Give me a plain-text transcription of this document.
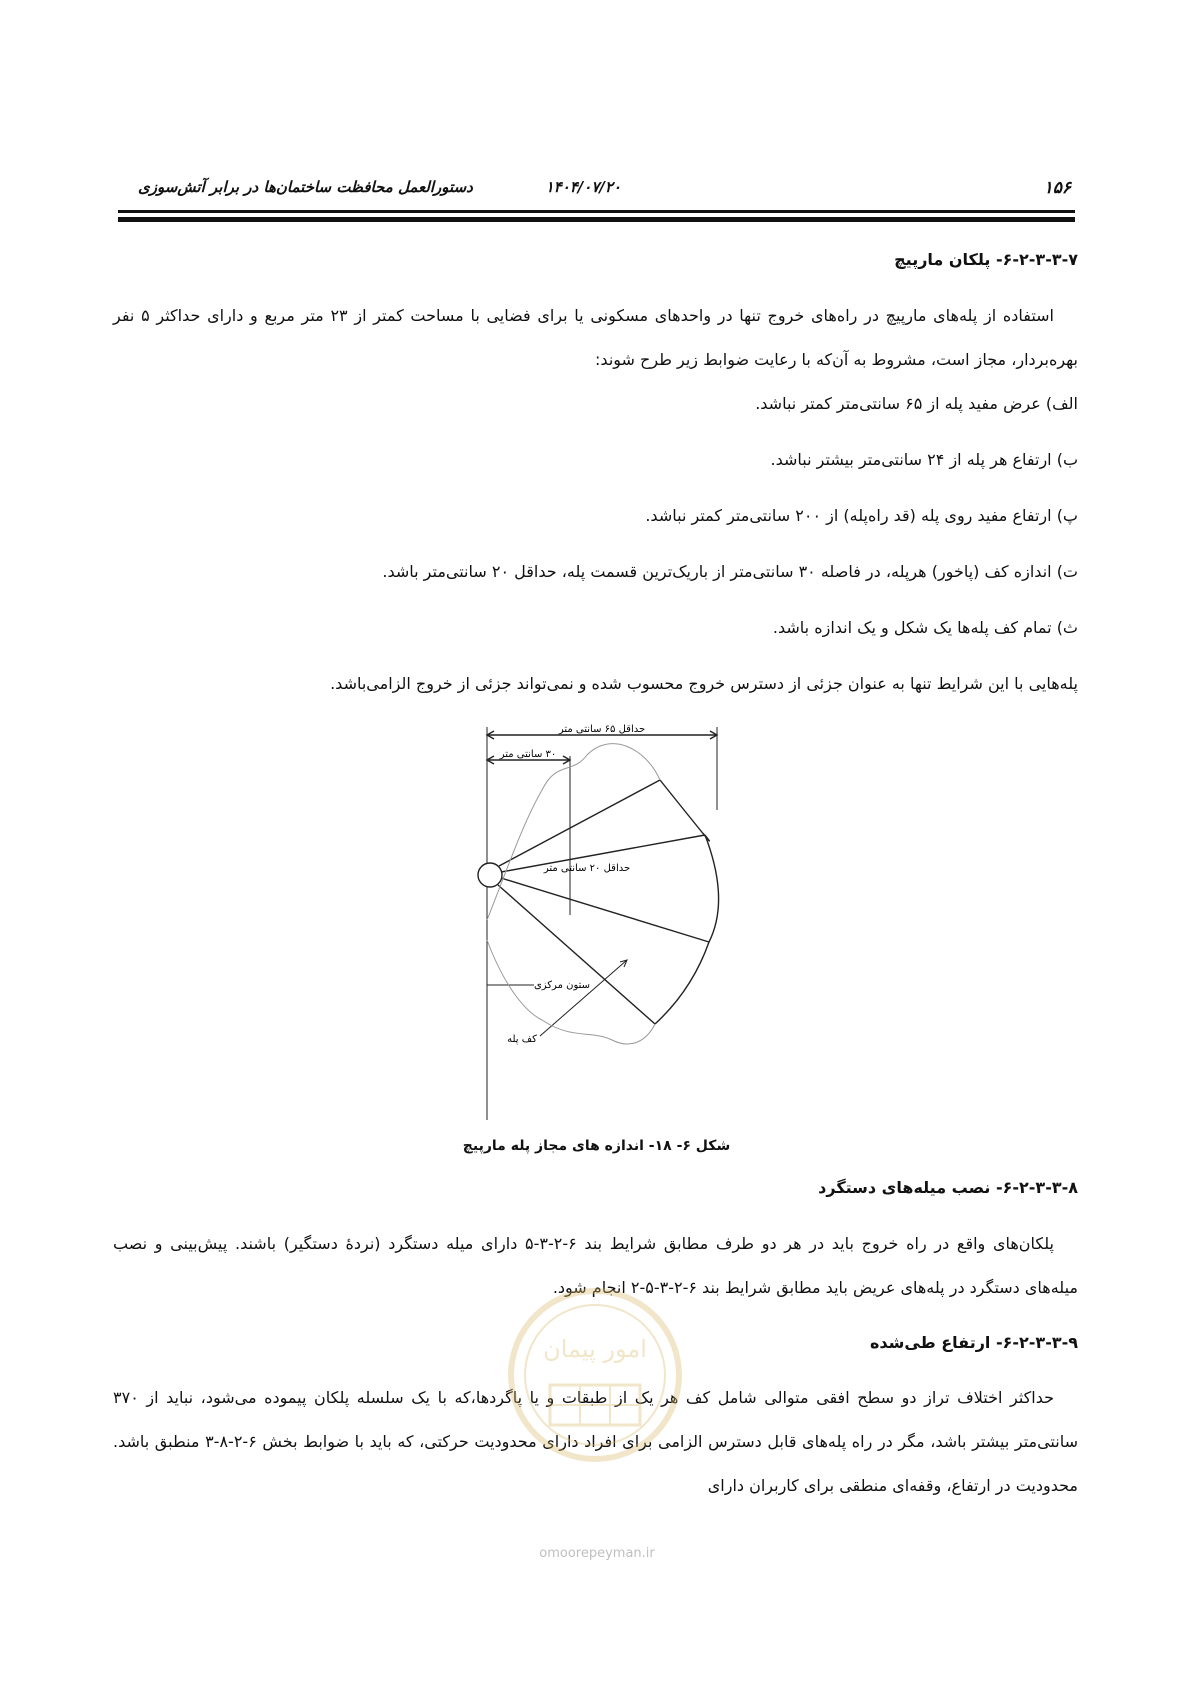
۱۵۶
۱۴۰۴/۰۷/۲۰
دستورالعمل محافظت ساختمان‌ها در برابر آتش‌سوزی
۶-۲-۳-۳-۷- پلکان مارپیچ
استفاده از پله‌های مارپیچ در راه‌های خروج تنها در واحدهای مسکونی یا برای فضایی با مساحت کمتر از ۲۳ متر مربع و دارای حداکثر ۵ نفر بهره‌بردار، مجاز است، مشروط به آن‌که با رعایت ضوابط زیر طرح شوند:
الف) عرض مفید پله از ۶۵ سانتی‌متر کمتر نباشد.
ب) ارتفاع هر پله از ۲۴ سانتی‌متر بیشتر نباشد.
پ) ارتفاع مفید روی پله (قد راه‌پله) از ۲۰۰ سانتی‌متر کمتر نباشد.
ت) اندازه کف (پاخور) هرپله، در فاصله ۳۰ سانتی‌متر از باریک‌ترین قسمت پله، حداقل ۲۰ سانتی‌متر باشد.
ث) تمام کف پله‌ها یک شکل و یک اندازه باشد.
پله‌هایی با این شرایط تنها به عنوان جزئی از دسترس خروج محسوب شده و نمی‌تواند جزئی از خروج الزامی‌باشد.
حداقل ۶۵ سانتی متر
۳۰ سانتی متر
حداقل ۲۰ سانتی متر
ستون مرکزی
کف پله
شکل ۶- ۱۸- اندازه های مجاز پله مارپیچ
۶-۲-۳-۳-۸- نصب میله‌های دستگرد
پلکان‌های واقع در راه خروج باید در هر دو طرف مطابق شرایط بند ۶-۲-۳-۵ دارای میله دستگرد (نردهٔ دستگیر) باشند. پیش‌بینی و نصب میله‌های دستگرد در پله‌های عریض باید مطابق شرایط بند ۶-۲-۳-۵-۲ انجام شود.
۶-۲-۳-۳-۹- ارتفاع طی‌شده
حداکثر اختلاف تراز دو سطح افقی متوالی شامل کف هر یک از طبقات و یا پاگردها،که با یک سلسله پلکان پیموده می‌شود، نباید از ۳۷۰ سانتی‌متر بیشتر باشد، مگر در راه پله‌های قابل دسترس الزامی برای افراد دارای محدودیت حرکتی، که باید با ضوابط بخش ۶-۲-۸-۳ منطبق باشد. محدودیت در ارتفاع، وقفه‌ای منطقی برای کاربران دارای
امور پیمان
omoorepeyman.ir
